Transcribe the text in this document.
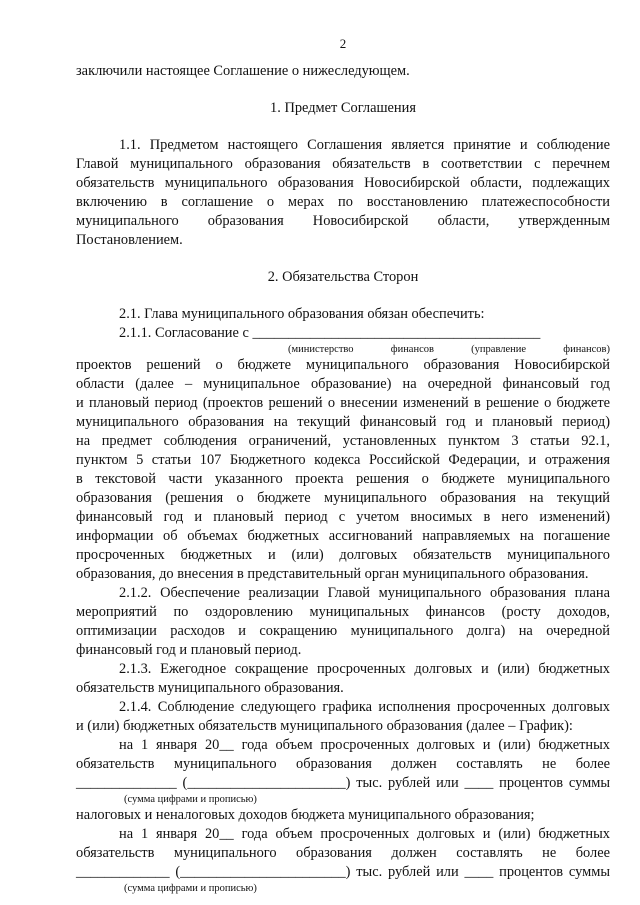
2
заключили настоящее Соглашение о нижеследующем.
1. Предмет Соглашения
1.1. Предметом настоящего Соглашения является принятие и соблюдение
Главой муниципального образования обязательств в соответствии с перечнем
обязательств муниципального образования Новосибирской области, подлежащих
включению в соглашение о мерах по восстановлению платежеспособности
муниципального образования Новосибирской области, утвержденным
Постановлением.
2. Обязательства Сторон
2.1. Глава муниципального образования обязан обеспечить:
2.1.1. Согласование с ________________________________________
(министерство финансов (управление финансов)
проектов решений о бюджете муниципального образования Новосибирской
области (далее – муниципальное образование) на очередной финансовый год
и плановый период (проектов решений о внесении изменений в решение о бюджете
муниципального образования на текущий финансовый год и плановый период)
на предмет соблюдения ограничений, установленных пунктом 3 статьи 92.1,
пунктом 5 статьи 107 Бюджетного кодекса Российской Федерации, и отражения
в текстовой части указанного проекта решения о бюджете муниципального
образования (решения о бюджете муниципального образования на текущий
финансовый год и плановый период с учетом вносимых в него изменений)
информации об объемах бюджетных ассигнований направляемых на погашение
просроченных бюджетных и (или) долговых обязательств муниципального
образования, до внесения в представительный орган муниципального образования.
2.1.2. Обеспечение реализации Главой муниципального образования плана
мероприятий по оздоровлению муниципальных финансов (росту доходов,
оптимизации расходов и сокращению муниципального долга) на очередной
финансовый год и плановый период.
2.1.3. Ежегодное сокращение просроченных долговых и (или) бюджетных
обязательств муниципального образования.
2.1.4. Соблюдение следующего графика исполнения просроченных долговых
и (или) бюджетных обязательств муниципального образования (далее – График):
на 1 января 20__ года объем просроченных долговых и (или) бюджетных
обязательств муниципального образования должен составлять не более
______________ (______________________) тыс. рублей или ____ процентов суммы
(сумма цифрами и прописью)
налоговых и неналоговых доходов бюджета муниципального образования;
на 1 января 20__ года объем просроченных долговых и (или) бюджетных
обязательств муниципального образования должен составлять не более
_____________ (_______________________) тыс. рублей или ____ процентов суммы
(сумма цифрами и прописью)
